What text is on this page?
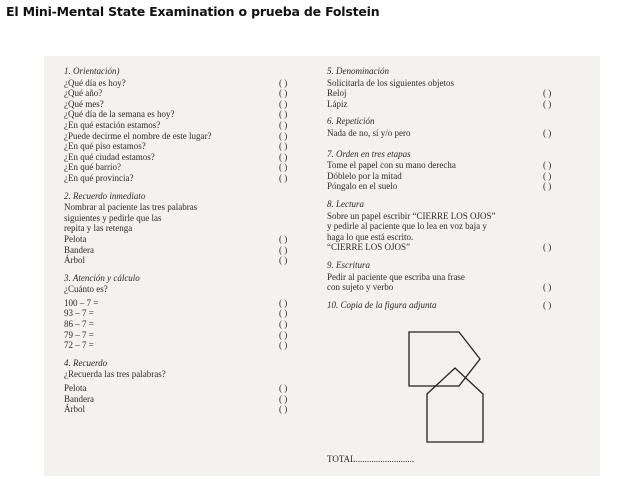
El Mini-Mental State Examination o prueba de Folstein
1. Orientación)
¿Qué día es hoy?	( )
¿Qué año?	( )
¿Qué mes?	( )
¿Qué día de la semana es hoy?	( )
¿En qué estación estamos?	( )
¿Puede decirme el nombre de este lugar?	( )
¿En qué piso estamos?	( )
¿En qué ciudad estamos?	( )
¿En qué barrio?	( )
¿En qué provincia?	( )
2. Recuerdo inmediato
Nombrar al paciente las tres palabras
siguientes y pedirle que las
repita y las retenga
Pelota	( )
Bandera	( )
Árbol	( )
3. Atención y cálculo
¿Cuánto es?
100 – 7 =	( )
93 – 7 =	( )
86 – 7 =	( )
79 – 7 =	( )
72 – 7 =	( )
4. Recuerdo
¿Recuerda las tres palabras?
Pelota	( )
Bandera	( )
Árbol	( )
5. Denominación
Solicitarla de los siguientes objetos
Reloj	( )
Lápiz	( )
6. Repetición
Nada de no, sí y/o pero	( )
7. Orden en tres etapas
Tome el papel con su mano derecha	( )
Dóblelo por la mitad	( )
Póngalo en el suelo	( )
8. Lectura
Sobre un papel escribir “CIERRE LOS OJOS”
y pedirle al paciente que lo lea en voz baja y
haga lo que está escrito.
“CIERRE LOS OJOS”	( )
9. Escritura
Pedir al paciente que escriba una frase
con sujeto y verbo	( )
10. Copia de la figura adjunta	( )
TOTAL..........................
